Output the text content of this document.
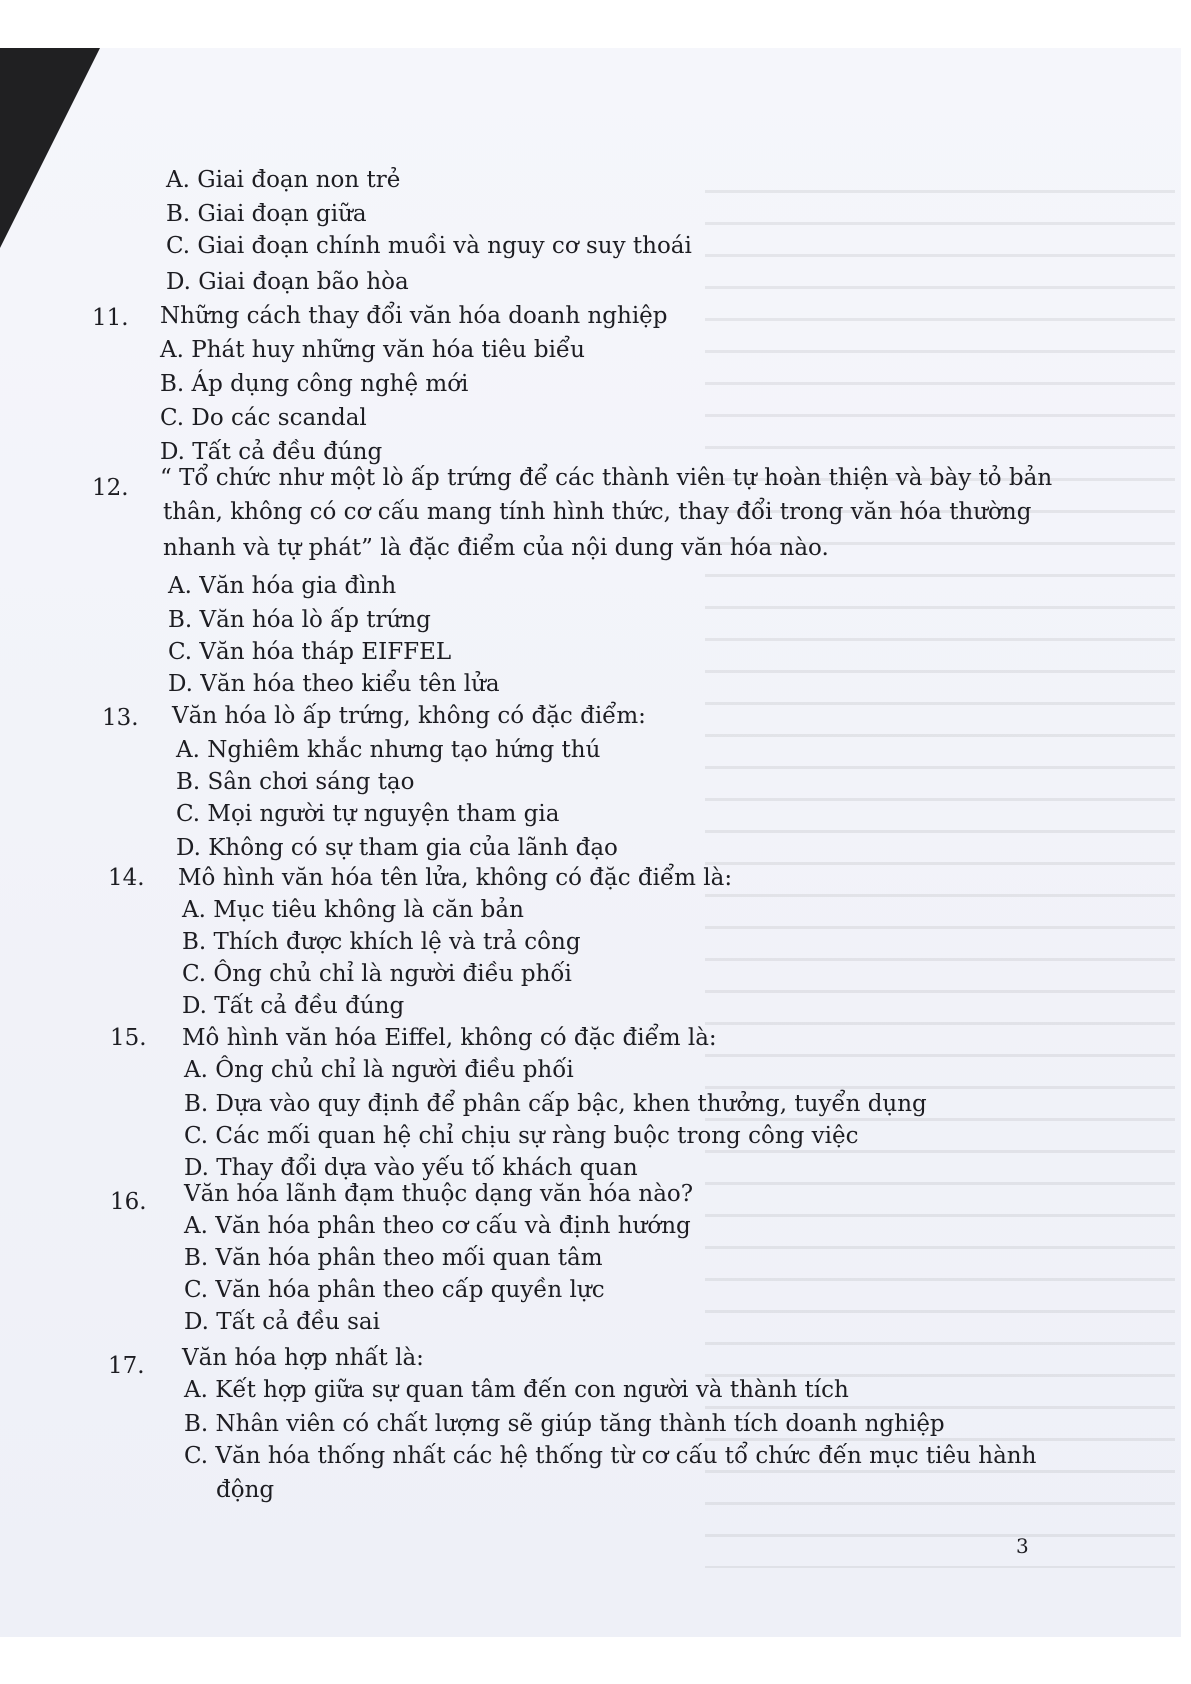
A. Giai đoạn non trẻ
B. Giai đoạn giữa
C. Giai đoạn chính muồi và nguy cơ suy thoái
D. Giai đoạn bão hòa
11. Những cách thay đổi văn hóa doanh nghiệp
A. Phát huy những văn hóa tiêu biểu
B. Áp dụng công nghệ mới
C. Do các scandal
D. Tất cả đều đúng
12. “ Tổ chức như một lò ấp trứng để các thành viên tự hoàn thiện và bày tỏ bản
thân, không có cơ cấu mang tính hình thức, thay đổi trong văn hóa thường
nhanh và tự phát” là đặc điểm của nội dung văn hóa nào.
A. Văn hóa gia đình
B. Văn hóa lò ấp trứng
C. Văn hóa tháp EIFFEL
D. Văn hóa theo kiểu tên lửa
13. Văn hóa lò ấp trứng, không có đặc điểm:
A. Nghiêm khắc nhưng tạo hứng thú
B. Sân chơi sáng tạo
C. Mọi người tự nguyện tham gia
D. Không có sự tham gia của lãnh đạo
14. Mô hình văn hóa tên lửa, không có đặc điểm là:
A. Mục tiêu không là căn bản
B. Thích được khích lệ và trả công
C. Ông chủ chỉ là người điều phối
D. Tất cả đều đúng
15. Mô hình văn hóa Eiffel, không có đặc điểm là:
A. Ông chủ chỉ là người điều phối
B. Dựa vào quy định để phân cấp bậc, khen thưởng, tuyển dụng
C. Các mối quan hệ chỉ chịu sự ràng buộc trong công việc
D. Thay đổi dựa vào yếu tố khách quan
16. Văn hóa lãnh đạm thuộc dạng văn hóa nào?
A. Văn hóa phân theo cơ cấu và định hướng
B. Văn hóa phân theo mối quan tâm
C. Văn hóa phân theo cấp quyền lực
D. Tất cả đều sai
17. Văn hóa hợp nhất là:
A. Kết hợp giữa sự quan tâm đến con người và thành tích
B. Nhân viên có chất lượng sẽ giúp tăng thành tích doanh nghiệp
C. Văn hóa thống nhất các hệ thống từ cơ cấu tổ chức đến mục tiêu hành
động
3
